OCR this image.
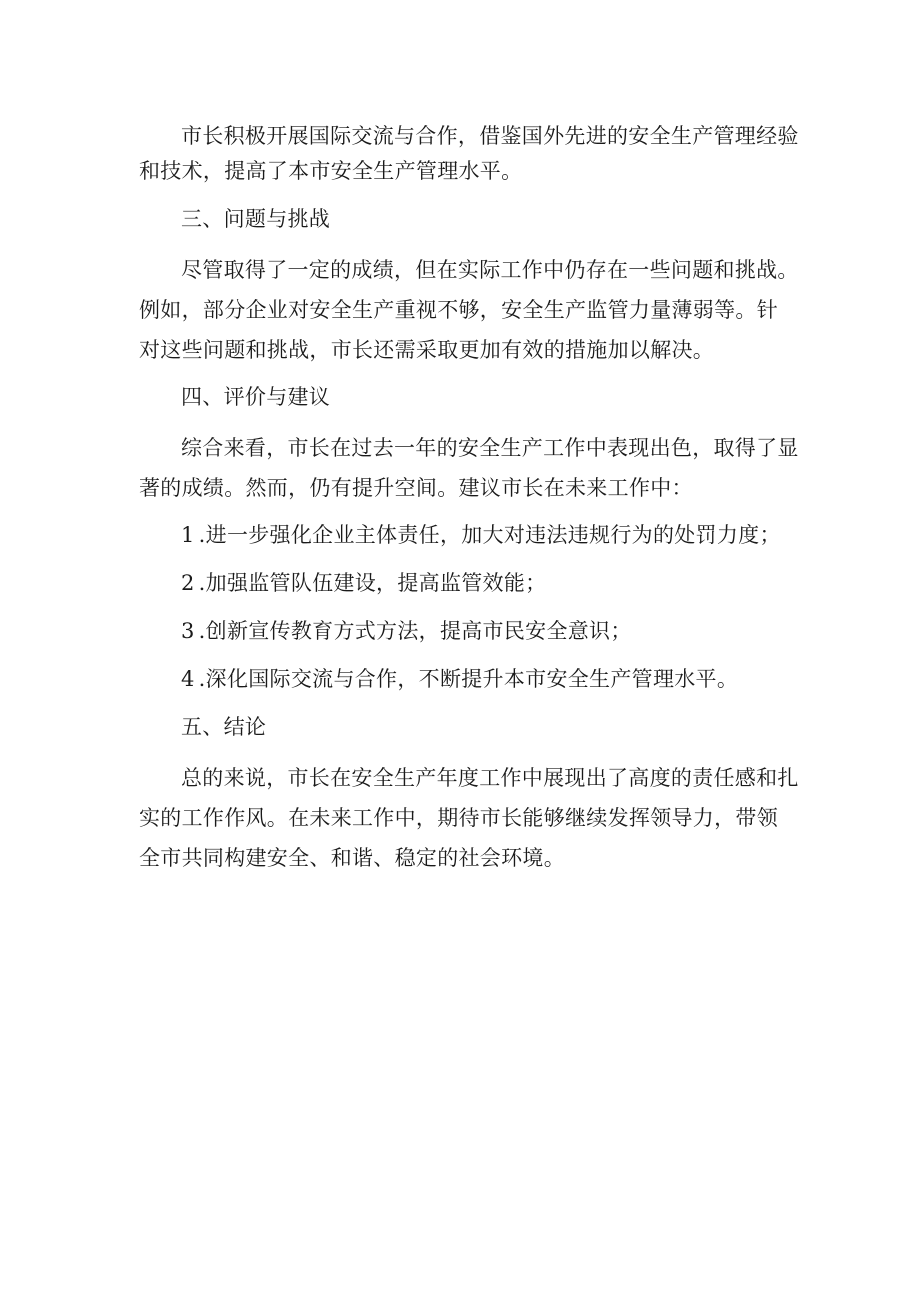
市长积极开展国际交流与合作，借鉴国外先进的安全生产管理经验和技术，提高了本市安全生产管理水平。

三、问题与挑战

尽管取得了一定的成绩，但在实际工作中仍存在一些问题和挑战。例如，部分企业对安全生产重视不够，安全生产监管力量薄弱等。针对这些问题和挑战，市长还需采取更加有效的措施加以解决。

四、评价与建议

综合来看，市长在过去一年的安全生产工作中表现出色，取得了显著的成绩。然而，仍有提升空间。建议市长在未来工作中：

1 .进一步强化企业主体责任，加大对违法违规行为的处罚力度；

2 .加强监管队伍建设，提高监管效能；

3 .创新宣传教育方式方法，提高市民安全意识；

4 .深化国际交流与合作，不断提升本市安全生产管理水平。

五、结论

总的来说，市长在安全生产年度工作中展现出了高度的责任感和扎实的工作作风。在未来工作中，期待市长能够继续发挥领导力，带领全市共同构建安全、和谐、稳定的社会环境。
